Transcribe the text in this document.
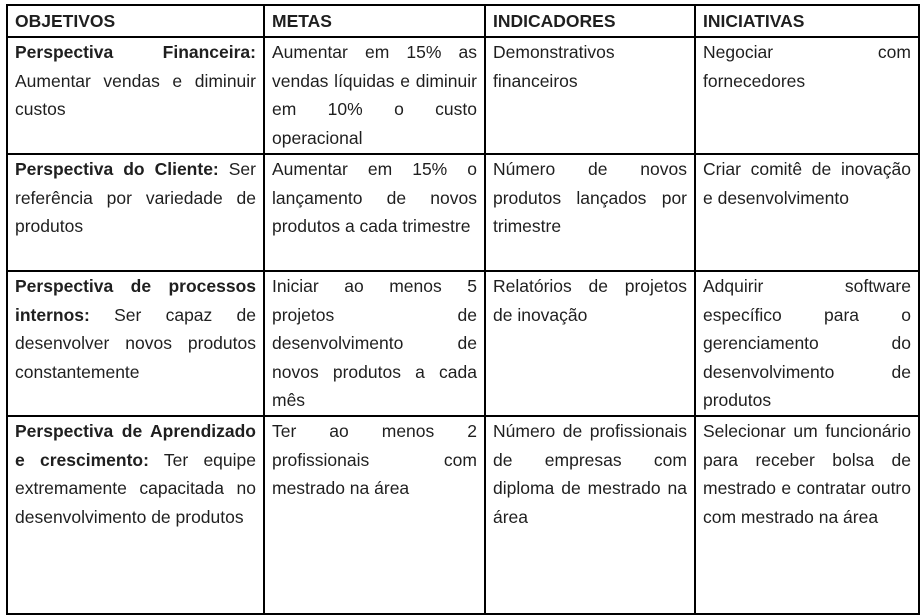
OBJETIVOS	METAS	INDICADORES	INICIATIVAS
Perspectiva Financeira: Aumentar vendas e diminuir custos	Aumentar em 15% as vendas líquidas e diminuir em 10% o custo operacional	Demonstrativos financeiros	Negociar com fornecedores
Perspectiva do Cliente: Ser referência por variedade de produtos	Aumentar em 15% o lançamento de novos produtos a cada trimestre	Número de novos produtos lançados por trimestre	Criar comitê de inovação e desenvolvimento
Perspectiva de processos internos: Ser capaz de desenvolver novos produtos constantemente	Iniciar ao menos 5 projetos de desenvolvimento de novos produtos a cada mês	Relatórios de projetos de inovação	Adquirir software específico para o gerenciamento do desenvolvimento de produtos
Perspectiva de Aprendizado e crescimento: Ter equipe extremamente capacitada no desenvolvimento de produtos	Ter ao menos 2 profissionais com mestrado na área	Número de profissionais de empresas com diploma de mestrado na área	Selecionar um funcionário para receber bolsa de mestrado e contratar outro com mestrado na área
